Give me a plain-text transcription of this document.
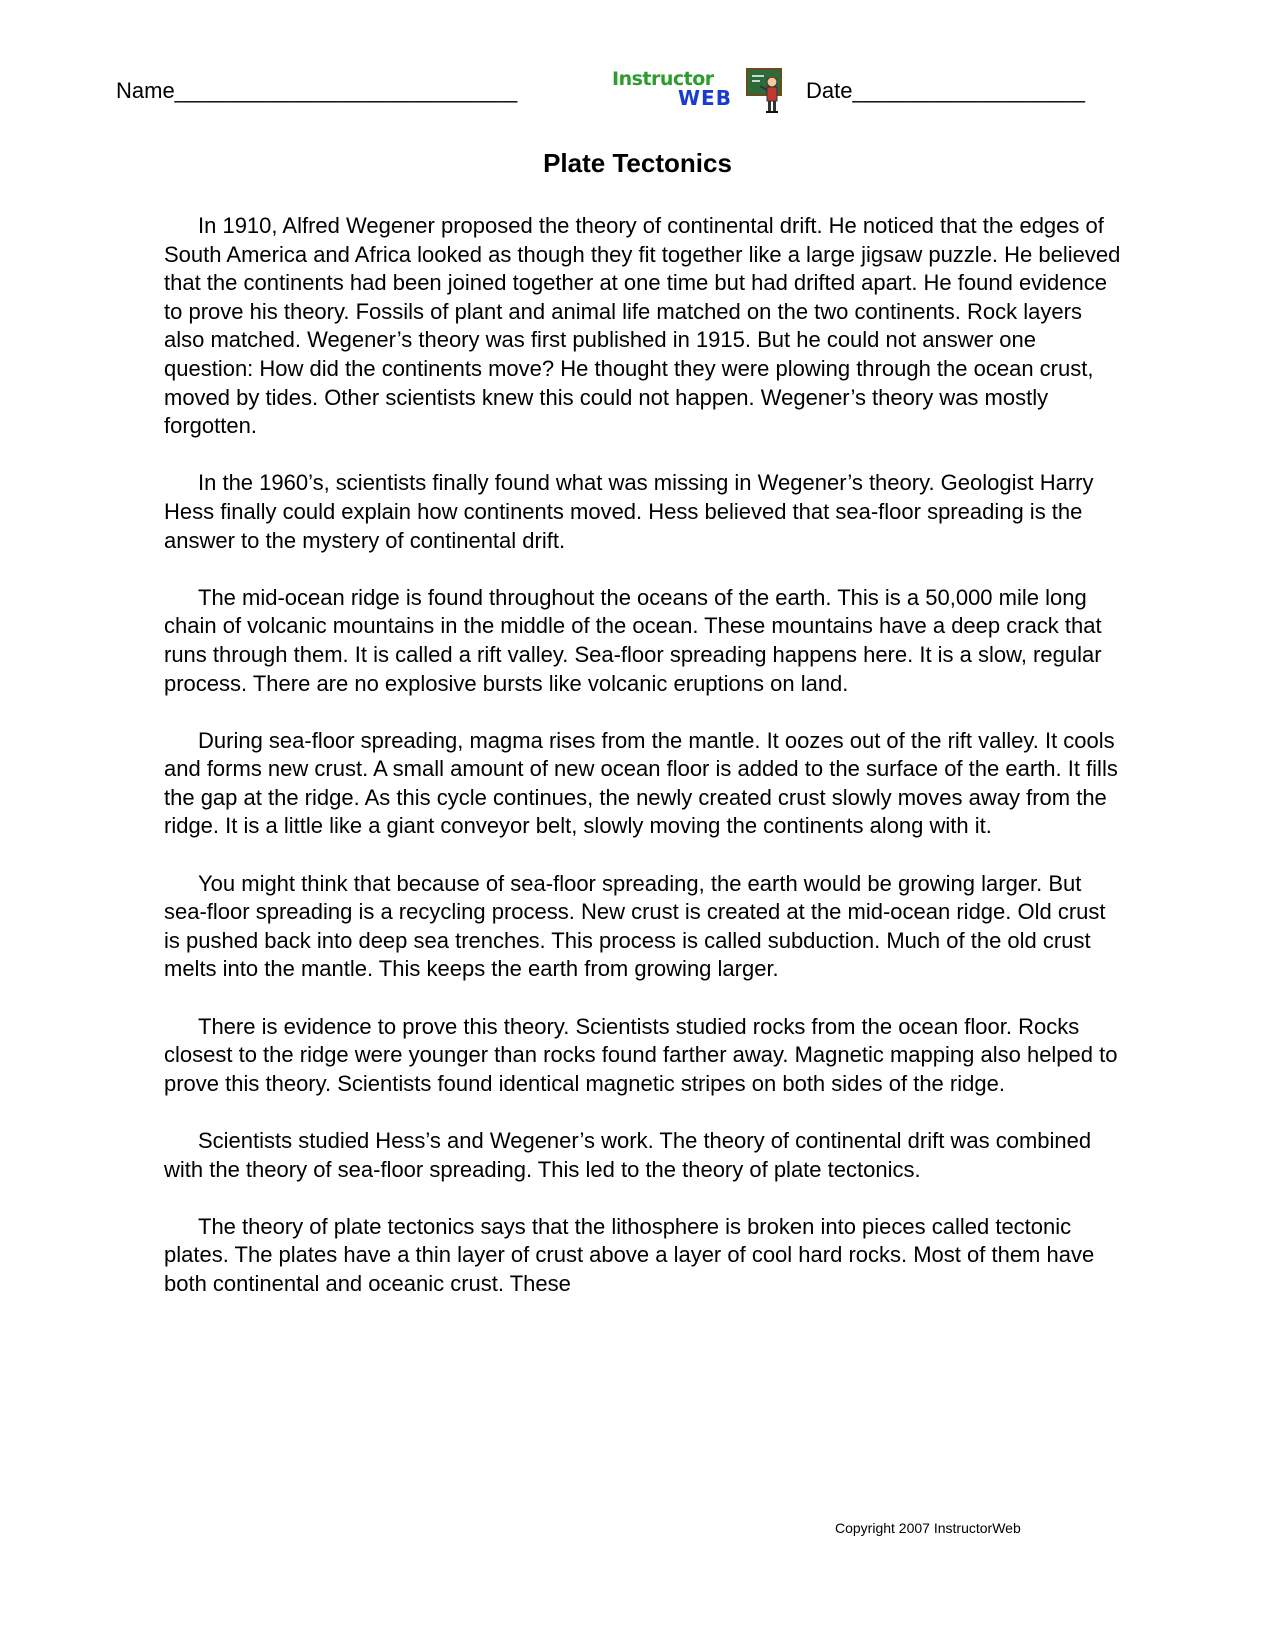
Name____________________________	Instructor
WEB	Date___________________
Plate Tectonics

In 1910, Alfred Wegener proposed the theory of continental drift. He noticed that the edges of South America and Africa looked as though they fit together like a large jigsaw puzzle. He believed that the continents had been joined together at one time but had drifted apart. He found evidence to prove his theory. Fossils of plant and animal life matched on the two continents. Rock layers also matched. Wegener’s theory was first published in 1915. But he could not answer one question: How did the continents move? He thought they were plowing through the ocean crust, moved by tides. Other scientists knew this could not happen. Wegener’s theory was mostly forgotten.

In the 1960’s, scientists finally found what was missing in Wegener’s theory. Geologist Harry Hess finally could explain how continents moved. Hess believed that sea-floor spreading is the answer to the mystery of continental drift.

The mid-ocean ridge is found throughout the oceans of the earth. This is a 50,000 mile long chain of volcanic mountains in the middle of the ocean. These mountains have a deep crack that runs through them. It is called a rift valley. Sea-floor spreading happens here. It is a slow, regular process. There are no explosive bursts like volcanic eruptions on land.

During sea-floor spreading, magma rises from the mantle. It oozes out of the rift valley. It cools and forms new crust. A small amount of new ocean floor is added to the surface of the earth. It fills the gap at the ridge. As this cycle continues, the newly created crust slowly moves away from the ridge. It is a little like a giant conveyor belt, slowly moving the continents along with it.

You might think that because of sea-floor spreading, the earth would be growing larger. But sea-floor spreading is a recycling process. New crust is created at the mid-ocean ridge. Old crust is pushed back into deep sea trenches. This process is called subduction. Much of the old crust melts into the mantle. This keeps the earth from growing larger.

There is evidence to prove this theory. Scientists studied rocks from the ocean floor. Rocks closest to the ridge were younger than rocks found farther away. Magnetic mapping also helped to prove this theory. Scientists found identical magnetic stripes on both sides of the ridge.

Scientists studied Hess’s and Wegener’s work. The theory of continental drift was combined with the theory of sea-floor spreading. This led to the theory of plate tectonics.

The theory of plate tectonics says that the lithosphere is broken into pieces called tectonic plates. The plates have a thin layer of crust above a layer of cool hard rocks. Most of them have both continental and oceanic crust. These

Copyright 2007 InstructorWeb
